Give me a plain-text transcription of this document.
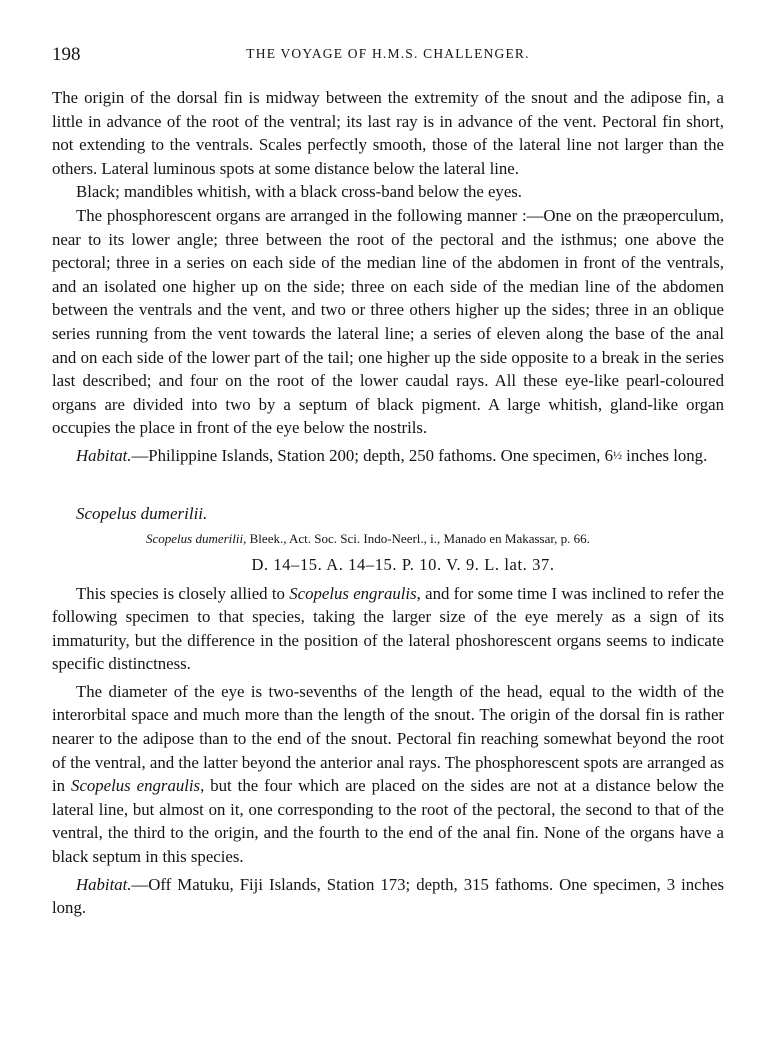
198	THE VOYAGE OF H.M.S. CHALLENGER.

The origin of the dorsal fin is midway between the extremity of the snout and the adipose fin, a little in advance of the root of the ventral; its last ray is in advance of the vent. Pectoral fin short, not extending to the ventrals. Scales perfectly smooth, those of the lateral line not larger than the others. Lateral luminous spots at some distance below the lateral line.

Black; mandibles whitish, with a black cross-band below the eyes.

The phosphorescent organs are arranged in the following manner :—One on the præoperculum, near to its lower angle; three between the root of the pectoral and the isthmus; one above the pectoral; three in a series on each side of the median line of the abdomen in front of the ventrals, and an isolated one higher up on the side; three on each side of the median line of the abdomen between the ventrals and the vent, and two or three others higher up the sides; three in an oblique series running from the vent towards the lateral line; a series of eleven along the base of the anal and on each side of the lower part of the tail; one higher up the side opposite to a break in the series last described; and four on the root of the lower caudal rays. All these eye-like pearl-coloured organs are divided into two by a septum of black pigment. A large whitish, gland-like organ occupies the place in front of the eye below the nostrils.

Habitat.—Philippine Islands, Station 200; depth, 250 fathoms. One specimen, 6½ inches long.

Scopelus dumerilii.
Scopelus dumerilii, Bleek., Act. Soc. Sci. Indo-Neerl., i., Manado en Makassar, p. 66.
D. 14–15. A. 14–15. P. 10. V. 9. L. lat. 37.

This species is closely allied to Scopelus engraulis, and for some time I was inclined to refer the following specimen to that species, taking the larger size of the eye merely as a sign of its immaturity, but the difference in the position of the lateral phoshorescent organs seems to indicate specific distinctness.

The diameter of the eye is two-sevenths of the length of the head, equal to the width of the interorbital space and much more than the length of the snout. The origin of the dorsal fin is rather nearer to the adipose than to the end of the snout. Pectoral fin reaching somewhat beyond the root of the ventral, and the latter beyond the anterior anal rays. The phosphorescent spots are arranged as in Scopelus engraulis, but the four which are placed on the sides are not at a distance below the lateral line, but almost on it, one corresponding to the root of the pectoral, the second to that of the ventral, the third to the origin, and the fourth to the end of the anal fin. None of the organs have a black septum in this species.

Habitat.—Off Matuku, Fiji Islands, Station 173; depth, 315 fathoms. One specimen, 3 inches long.
